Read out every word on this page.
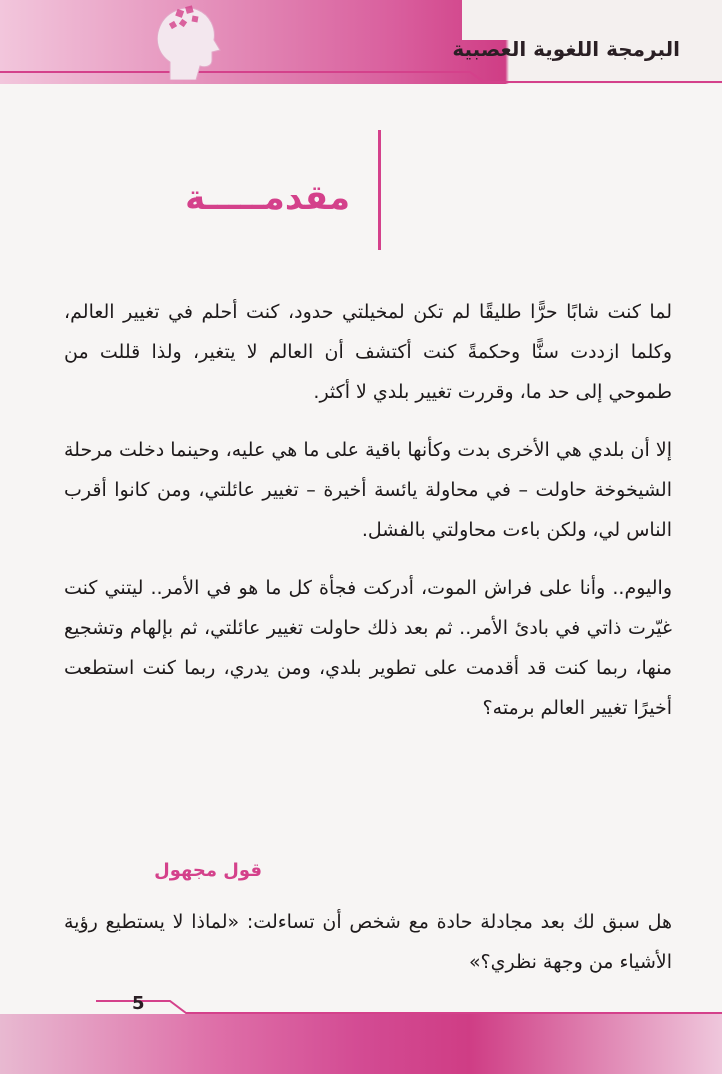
البرمجة اللغوية العصبية
مقدمـــــة

لما كنت شابًا حرًّا طليقًا لم تكن لمخيلتي حدود، كنت أحلم في تغيير العالم، وكلما ازددت سنًّا وحكمةً كنت أكتشف أن العالم لا يتغير، ولذا قللت من طموحي إلى حد ما، وقررت تغيير بلدي لا أكثر.

إلا أن بلدي هي الأخرى بدت وكأنها باقية على ما هي عليه، وحينما دخلت مرحلة الشيخوخة حاولت – في محاولة يائسة أخيرة – تغيير عائلتي، ومن كانوا أقرب الناس لي، ولكن باءت محاولتي بالفشل.

واليوم.. وأنا على فراش الموت، أدركت فجأة كل ما هو في الأمر.. ليتني كنت غيّرت ذاتي في بادئ الأمر.. ثم بعد ذلك حاولت تغيير عائلتي، ثم بإلهام وتشجيع منها، ربما كنت قد أقدمت على تطوير بلدي، ومن يدري، ربما كنت استطعت أخيرًا تغيير العالم برمته؟

قول مجهول

هل سبق لك بعد مجادلة حادة مع شخص أن تساءلت: «لماذا لا يستطيع رؤية الأشياء من وجهة نظري؟»

5
